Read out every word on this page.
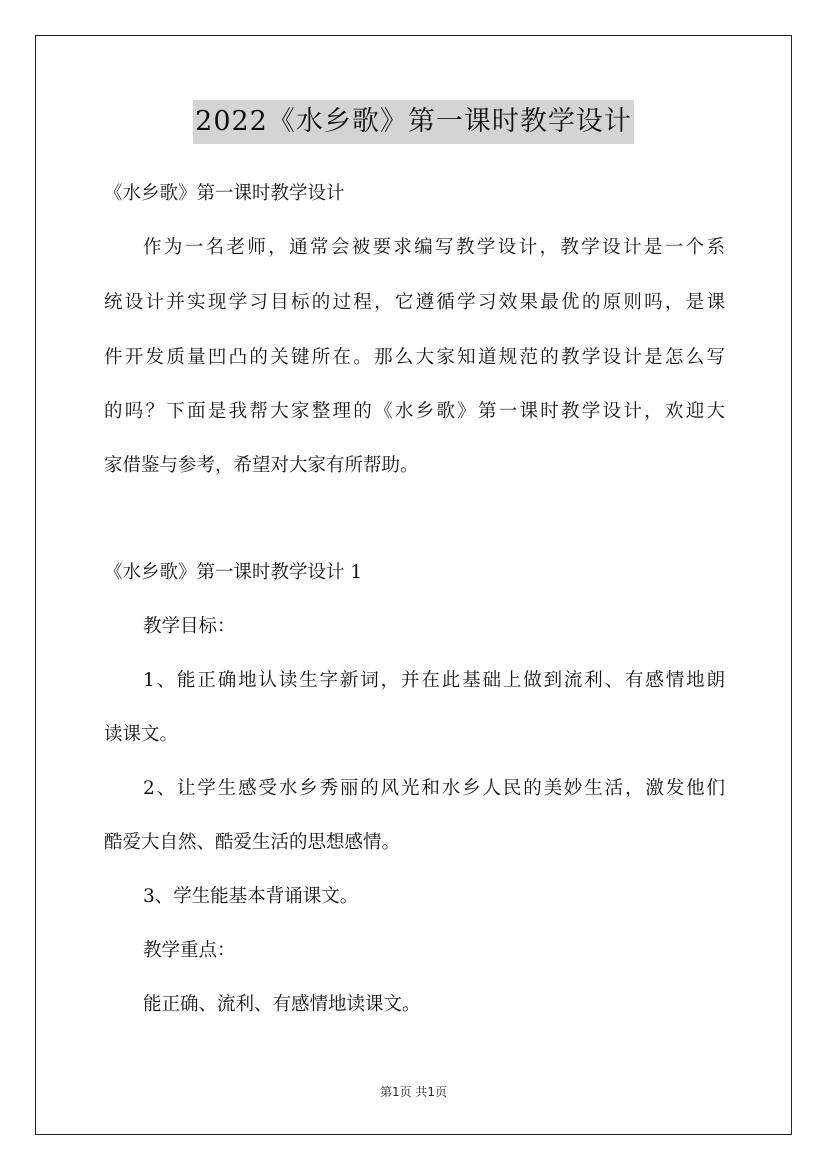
2022《水乡歌》第一课时教学设计
《水乡歌》第一课时教学设计
作为一名老师，通常会被要求编写教学设计，教学设计是一个系
统设计并实现学习目标的过程，它遵循学习效果最优的原则吗，是课
件开发质量凹凸的关键所在。那么大家知道规范的教学设计是怎么写
的吗？下面是我帮大家整理的《水乡歌》第一课时教学设计，欢迎大
家借鉴与参考，希望对大家有所帮助。
《水乡歌》第一课时教学设计 1
教学目标：
1、能正确地认读生字新词，并在此基础上做到流利、有感情地朗
读课文。
2、让学生感受水乡秀丽的风光和水乡人民的美妙生活，激发他们
酷爱大自然、酷爱生活的思想感情。
3、学生能基本背诵课文。
教学重点：
能正确、流利、有感情地读课文。
第1页 共1页
